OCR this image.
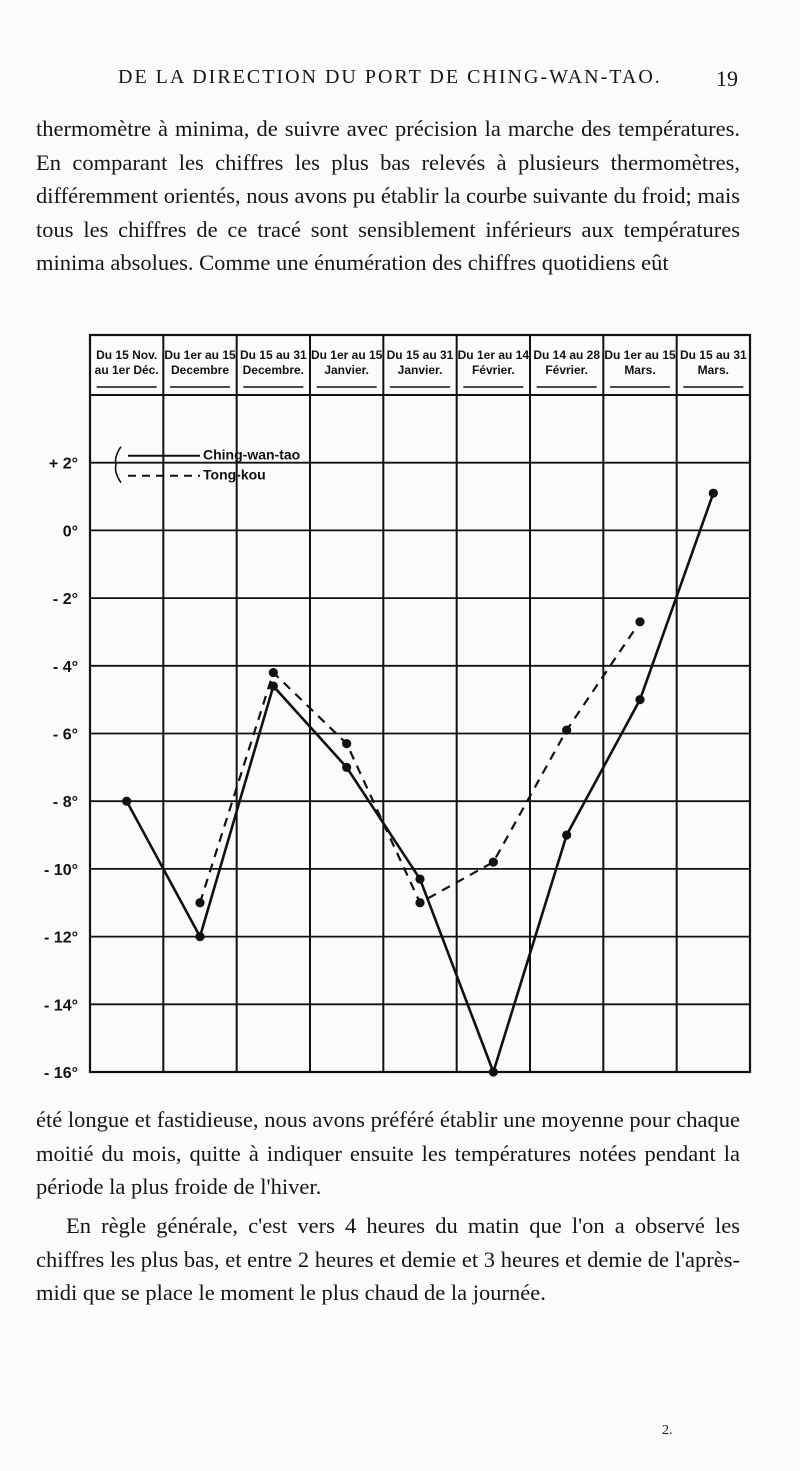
DE LA DIRECTION DU PORT DE CHING-WAN-TAO. 19

thermomètre à minima, de suivre avec précision la marche des températures. En comparant les chiffres les plus bas relevés à plusieurs thermomètres, différemment orientés, nous avons pu établir la courbe suivante du froid; mais tous les chiffres de ce tracé sont sensiblement inférieurs aux températures minima absolues. Comme une énumération des chiffres quotidiens eût

Du 15 Nov.
au 1er Déc.
Du 1er au 15
Decembre
Du 15 au 31
Decembre.
Du 1er au 15
Janvier.
Du 15 au 31
Janvier.
Du 1er au 14
Février.
Du 14 au 28
Février.
Du 1er au 15
Mars.
Du 15 au 31
Mars.
+ 2°
0°
- 2°
- 4°
- 6°
- 8°
- 10°
- 12°
- 14°
- 16°
Ching-wan-tao
Tong-kou

été longue et fastidieuse, nous avons préféré établir une moyenne pour chaque moitié du mois, quitte à indiquer ensuite les températures notées pendant la période la plus froide de l'hiver.

En règle générale, c'est vers 4 heures du matin que l'on a observé les chiffres les plus bas, et entre 2 heures et demie et 3 heures et demie de l'après-midi que se place le moment le plus chaud de la journée.

2.
